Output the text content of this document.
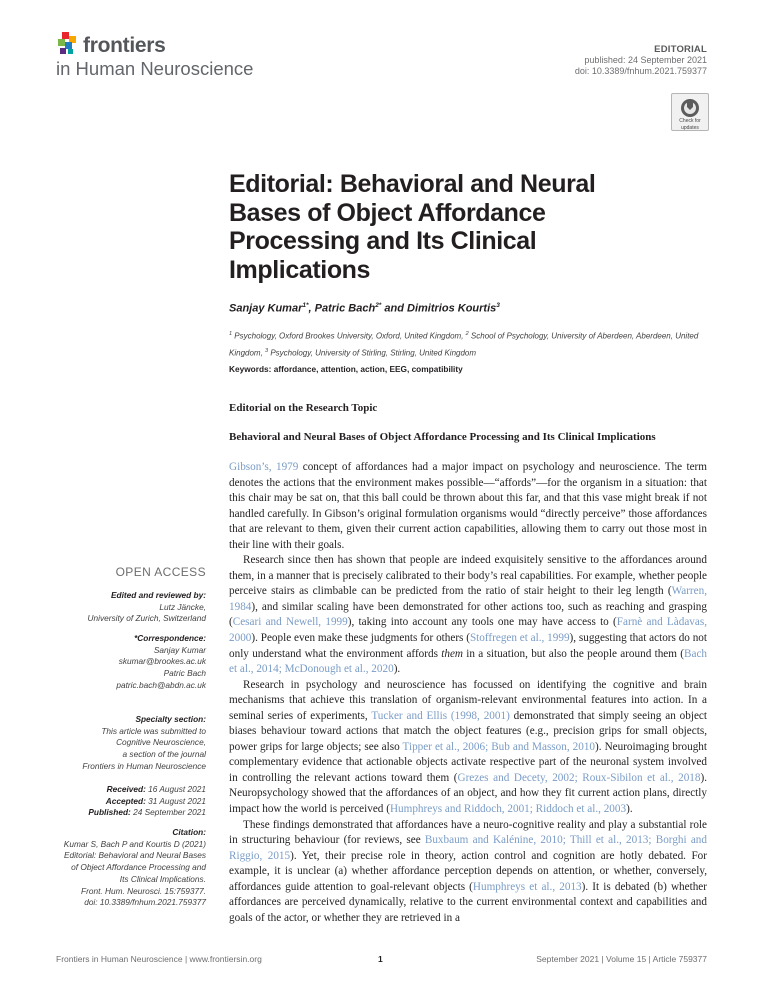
frontiers
in Human Neuroscience
EDITORIAL
published: 24 September 2021
doi: 10.3389/fnhum.2021.759377
Check for
updates
Editorial: Behavioral and Neural Bases of Object Affordance Processing and Its Clinical Implications
Sanjay Kumar$^{1*}$, Patric Bach$^{2*}$ and Dimitrios Kourtis$^3$
$^1$ Psychology, Oxford Brookes University, Oxford, United Kingdom, $^2$ School of Psychology, University of Aberdeen, Aberdeen, United Kingdom, $^3$ Psychology, University of Stirling, Stirling, United Kingdom
Keywords: affordance, attention, action, EEG, compatibility
Editorial on the Research Topic
Behavioral and Neural Bases of Object Affordance Processing and Its Clinical Implications

Gibson’s, 1979 concept of affordances had a major impact on psychology and neuroscience. The term denotes the actions that the environment makes possible—“affords”—for the organism in a situation: that this chair may be sat on, that this ball could be thrown about this far, and that this vase might break if not handled carefully. In Gibson’s original formulation organisms would “directly perceive” those affordances that are relevant to them, given their current action capabilities, allowing them to carry out those most in their line with their goals.

Research since then has shown that people are indeed exquisitely sensitive to the affordances around them, in a manner that is precisely calibrated to their body’s real capabilities. For example, whether people perceive stairs as climbable can be predicted from the ratio of stair height to their leg length (Warren, 1984), and similar scaling have been demonstrated for other actions too, such as reaching and grasping (Cesari and Newell, 1999), taking into account any tools one may have access to (Farnè and Làdavas, 2000). People even make these judgments for others (Stoffregen et al., 1999), suggesting that actors do not only understand what the environment affords them in a situation, but also the people around them (Bach et al., 2014; McDonough et al., 2020).

Research in psychology and neuroscience has focussed on identifying the cognitive and brain mechanisms that achieve this translation of organism-relevant environmental features into action. In a seminal series of experiments, Tucker and Ellis (1998, 2001) demonstrated that simply seeing an object biases behaviour toward actions that match the object features (e.g., precision grips for small objects, power grips for large objects; see also Tipper et al., 2006; Bub and Masson, 2010). Neuroimaging brought complementary evidence that actionable objects activate respective part of the neuronal system involved in controlling the relevant actions toward them (Grezes and Decety, 2002; Roux-Sibilon et al., 2018). Neuropsychology showed that the affordances of an object, and how they fit current action plans, directly impact how the world is perceived (Humphreys and Riddoch, 2001; Riddoch et al., 2003).

These findings demonstrated that affordances have a neuro-cognitive reality and play a substantial role in structuring behaviour (for reviews, see Buxbaum and Kalénine, 2010; Thill et al., 2013; Borghi and Riggio, 2015). Yet, their precise role in theory, action control and cognition are hotly debated. For example, it is unclear (a) whether affordance perception depends on attention, or whether, conversely, affordances guide attention to goal-relevant objects (Humphreys et al., 2013). It is debated (b) whether affordances are perceived dynamically, relative to the current environmental context and capabilities and goals of the actor, or whether they are retrieved in a

OPEN ACCESS
Edited and reviewed by:
Lutz Jäncke,
University of Zurich, Switzerland
*Correspondence:
Sanjay Kumar
skumar@brookes.ac.uk
Patric Bach
patric.bach@abdn.ac.uk
Specialty section:
This article was submitted to
Cognitive Neuroscience,
a section of the journal
Frontiers in Human Neuroscience
Received: 16 August 2021
Accepted: 31 August 2021
Published: 24 September 2021
Citation:
Kumar S, Bach P and Kourtis D (2021)
Editorial: Behavioral and Neural Bases
of Object Affordance Processing and
Its Clinical Implications.
Front. Hum. Neurosci. 15:759377.
doi: 10.3389/fnhum.2021.759377
Frontiers in Human Neuroscience | www.frontiersin.org	1	September 2021 | Volume 15 | Article 759377
